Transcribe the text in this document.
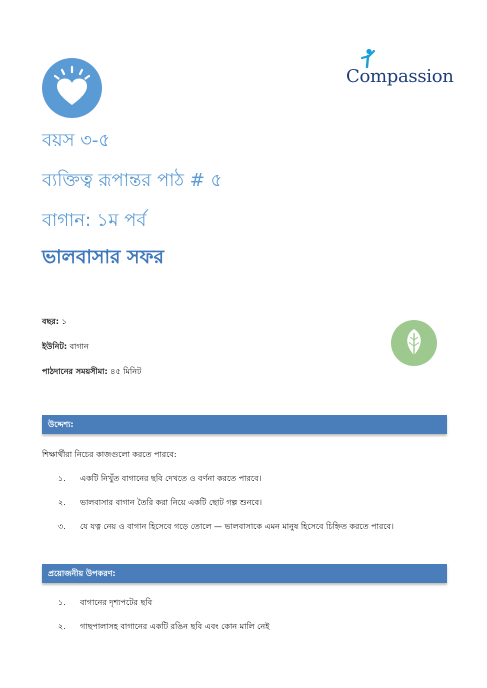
Compassion
বয়স ৩-৫
ব্যক্তিত্ব রূপান্তর পাঠ # ৫
বাগান: ১ম পর্ব
ভালবাসার সফর
বছর: ১
ইউনিট: বাগান
পাঠদানের সময়সীমা: ৪৫ মিনিট
উদ্দেশ্য:
শিক্ষার্থীরা নিচের কাজগুলো করতে পারবে:
১. একটি নিখুঁত বাগানের ছবি দেখতে ও বর্ণনা করতে পারবে।
২. ভালবাসার বাগান তৈরি করা নিয়ে একটি ছোট গল্প শুনবে।
৩. যে যত্ন নেয় ও বাগান হিসেবে গড়ে তোলে — ভালবাসাকে এমন মানুষ হিসেবে চিহ্নিত করতে পারবে।
প্রয়োজনীয় উপকরণ:
১. বাগানের দৃশ্যপটের ছবি
২. গাছপালাসহ বাগানের একটি রঙিন ছবি এবং কোন মালি নেই
